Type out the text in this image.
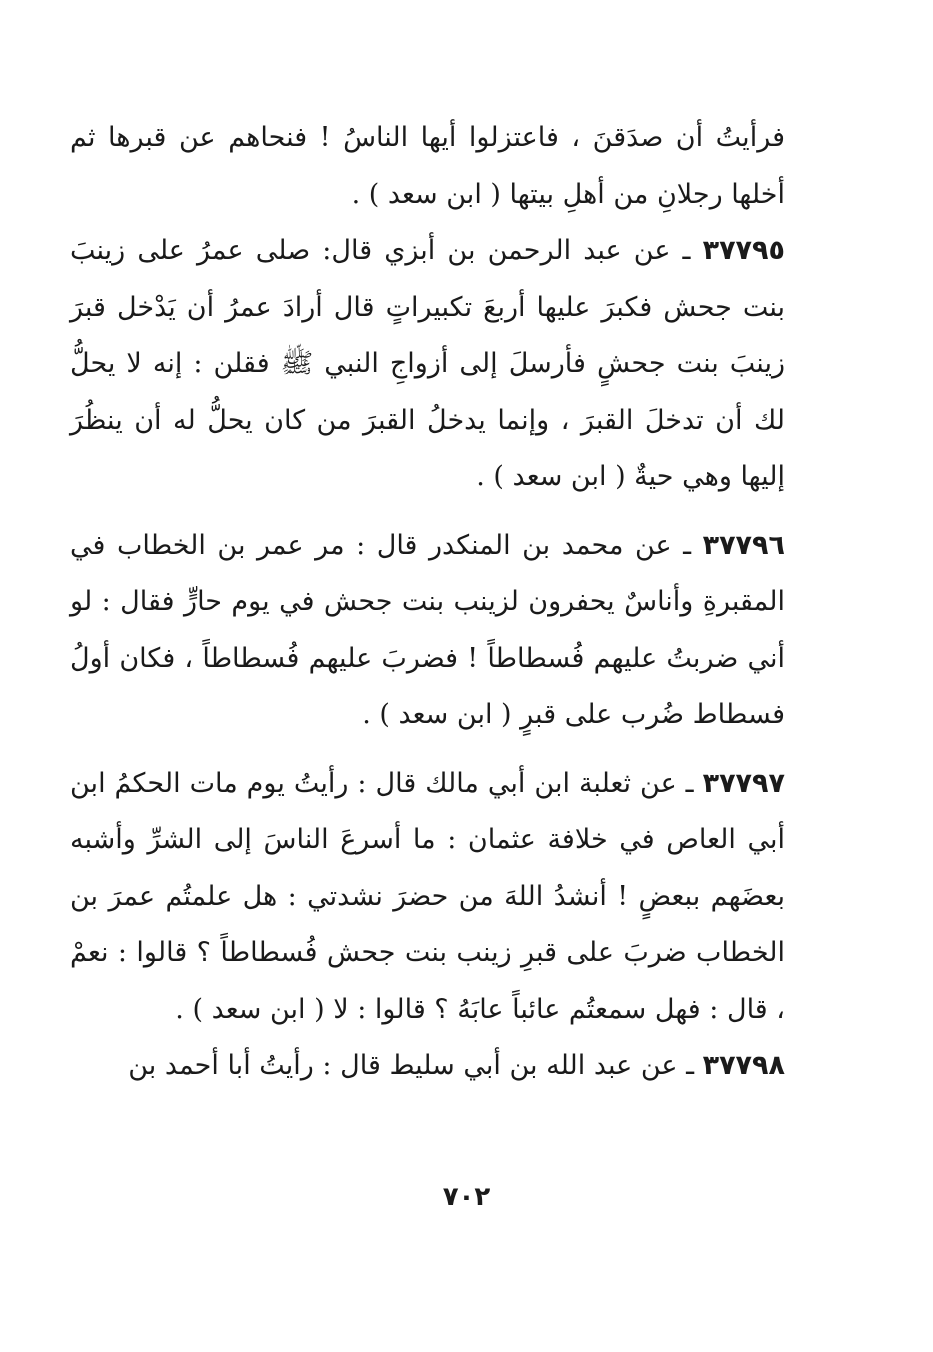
فرأيتُ أن صدَقنَ ، فاعتزلوا أيها الناسُ ! فنحاهم عن قبرها ثم أخلها رجلانِ من أهلِ بيتها ( ابن سعد ) .

٣٧٧٩٥ ـ عن عبد الرحمن بن أبزي قال: صلى عمرُ على زينبَ بنت جحش فكبرَ عليها أربعَ تكبيراتٍ قال أرادَ عمرُ أن يَدْخل قبرَ زينبَ بنت جحشٍ فأرسلَ إلى أزواجِ النبي ﷺ فقلن : إنه لا يحلُّ لك أن تدخلَ القبرَ ، وإنما يدخلُ القبرَ من كان يحلُّ له أن ينظُرَ إليها وهي حيةٌ ( ابن سعد ) .

٣٧٧٩٦ ـ عن محمد بن المنكدر قال : مر عمر بن الخطاب في المقبرةِ وأناسٌ يحفرون لزينب بنت جحش في يوم حارٍّ فقال : لو أني ضربتُ عليهم فُسطاطاً ! فضربَ عليهم فُسطاطاً ، فكان أولُ فسطاط ضُرب على قبرٍ ( ابن سعد ) .

٣٧٧٩٧ ـ عن ثعلبة ابن أبي مالك قال : رأيتُ يوم مات الحكمُ ابن أبي العاص في خلافة عثمان : ما أسرعَ الناسَ إلى الشرِّ وأشبه بعضَهم ببعضٍ ! أنشدُ اللهَ من حضرَ نشدتي : هل علمتُم عمرَ بن الخطاب ضربَ على قبرِ زينب بنت جحش فُسطاطاً ؟ قالوا : نعمْ ، قال : فهل سمعتُم عائباً عابَهُ ؟ قالوا : لا ( ابن سعد ) .

٣٧٧٩٨ ـ عن عبد الله بن أبي سليط قال : رأيتُ أبا أحمد بن

٧٠٢
